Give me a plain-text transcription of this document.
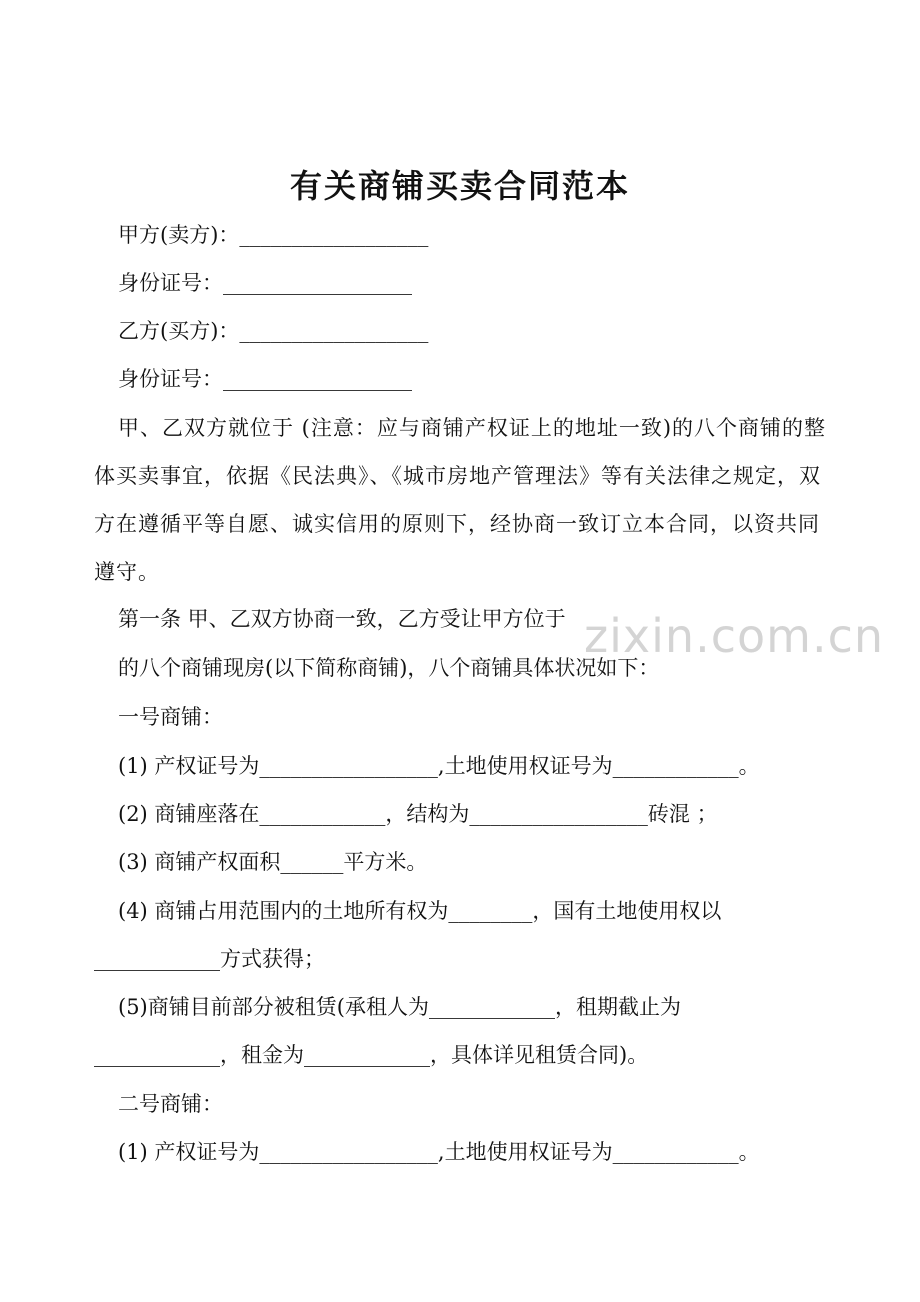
有关商铺买卖合同范本
甲方(卖方)：__________________
身份证号：__________________
乙方(买方)：__________________
身份证号：__________________
甲、乙双方就位于 (注意：应与商铺产权证上的地址一致)的八个商铺的整体买卖事宜，依据《民法典》、《城市房地产管理法》等有关法律之规定，双方在遵循平等自愿、诚实信用的原则下，经协商一致订立本合同，以资共同遵守。
zixin.com.cn
第一条 甲、乙双方协商一致，乙方受让甲方位于
的八个商铺现房(以下简称商铺)，八个商铺具体状况如下：
一号商铺：
(1) 产权证号为_________________,土地使用权证号为____________。
(2) 商铺座落在____________，结构为_________________砖混 ；
(3) 商铺产权面积______平方米。
(4) 商铺占用范围内的土地所有权为________，国有土地使用权以
____________方式获得；
(5)商铺目前部分被租赁(承租人为____________，租期截止为
____________，租金为____________，具体详见租赁合同)。
二号商铺：
(1) 产权证号为_________________,土地使用权证号为____________。
